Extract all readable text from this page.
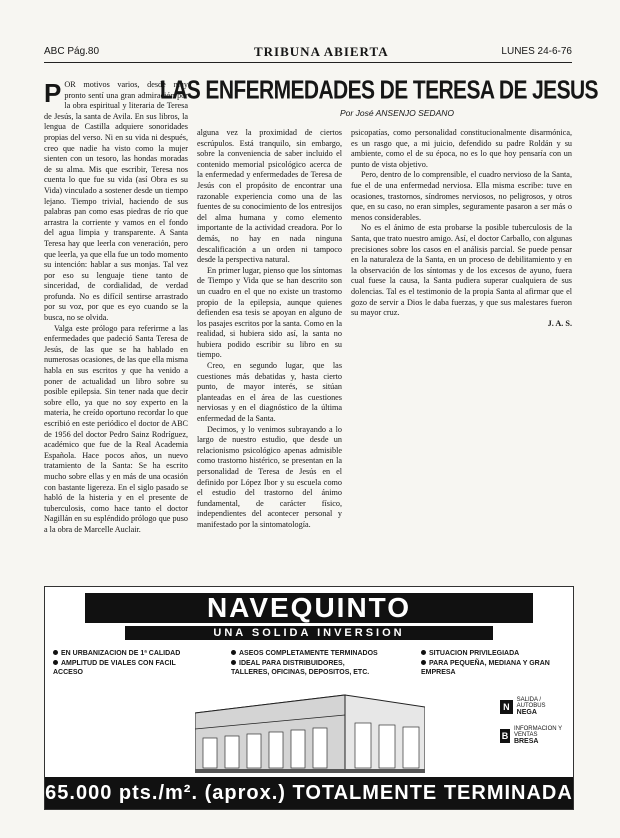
ABC Pág.80	TRIBUNA ABIERTA	LUNES 24-6-76
LAS ENFERMEDADES DE TERESA DE JESUS
Por José ANSENJO SEDANO
P OR motivos varios, desde muy pronto sentí una gran admiración por la obra espiritual y literaria de Teresa de Jesús, la santa de Avila. En sus libros, la lengua de Castilla adquiere sonoridades propias del verso. Ni en su vida ni después, creo que nadie ha visto como la mujer sienten con un tesoro, las hondas moradas de su alma. Mis que escribir, Teresa nos cuenta lo que fue su vida (así Obra es su Vida) vinculado a sostener desde un tiempo lejano. Tiempo trivial, haciendo de sus palabras pan como esas piedras de río que arrastra la corriente y vamos en el fondo del agua limpia y transparente. A Santa Teresa hay que leerla con veneración, pero que leerla, ya que ella fue un todo momento su intención: hablar a sus monjas. Tal vez por eso su lenguaje tiene tanto de sinceridad, de cordialidad, de verdad profunda. No es difícil sentirse arrastrado por su voz, por que es eyo cuando se la busca, no se olvida.

Valga este prólogo para referirme a las enfermedades que padeció Santa Teresa de Jesús, de las que se ha hablado en numerosas ocasiones, de las que ella misma habla en sus escritos y que ha venido a poner de actualidad un libro sobre su posible epilepsia. Sin tener nada que decir sobre ello, ya que no soy experto en la materia, he creído oportuno recordar lo que escribió en este periódico el doctor de ABC de 1956 del doctor Pedro Sainz Rodríguez, académico que fue de la Real Academia Española. Hace pocos años, un nuevo tratamiento de la Santa: Se ha escrito mucho sobre ellas y en más de una ocasión con bastante ligereza. En el siglo pasado se habló de la histeria y en el presente de tuberculosis, como hace tanto el doctor Nagillán en su espléndido prólogo que puso a la obra de Marcelle Auclair.

alguna vez la proximidad de ciertos escrúpulos. Está tranquilo, sin embargo, sobre la conveniencia de saber incluido el contenido memorial psicológico acerca de la enfermedad y enfermedades de Teresa de Jesús con el propósito de encontrar una razonable experiencia como una de las fuentes de su conocimiento de los entresijos del alma humana y como elemento importante de la actividad creadora. Por lo demás, no hay en nada ninguna descalificación a un orden ni tampoco desde la perspectiva natural.

En primer lugar, pienso que los síntomas de Tiempo y Vida que se han descrito son un cuadro en el que no existe un trastorno propio de la epilepsia, aunque quienes defienden esa tesis se apoyan en alguno de los pasajes escritos por la santa. Como en la realidad, si hubiera sido así, la santa no hubiera podido escribir su libro en su tiempo.

Creo, en segundo lugar, que las cuestiones más debatidas y, hasta cierto punto, de mayor interés, se sitúan planteadas en el área de las cuestiones nerviosas y en el diagnóstico de la última enfermedad de la Santa.

Decimos, y lo venimos subrayando a lo largo de nuestro estudio, que desde un relacionismo psicológico apenas admisible como trastorno histérico, se presentan en la personalidad de Teresa de Jesús en el definido por López Ibor y su escuela como el estudio del trastorno del ánimo fundamental, de carácter físico, independientes del acontecer personal y manifestado por la sintomatología.

psicopatías, como personalidad constitucionalmente disarmónica, es un rasgo que, a mi juicio, defendido su padre Roldán y su ambiente, como el de su época, no es lo que hoy pensaría con un punto de vista objetivo.

Pero, dentro de lo comprensible, el cuadro nervioso de la Santa, fue el de una enfermedad nerviosa. Ella misma escribe: tuve en ocasiones, trastornos, síndromes nerviosos, no peligrosos, y otros que, en su caso, no eran simples, seguramente pasaron a ser más o menos considerables.

No es el ánimo de esta probarse la posible tuberculosis de la Santa, que trato nuestro amigo. Así, el doctor Carballo, con algunas precisiones sobre los casos en el análisis parcial. Se puede pensar en la naturaleza de la Santa, en un proceso de debilitamiento y en la observación de los síntomas y de los excesos de ayuno, fuera cual fuese la causa, la Santa pudiera superar cualquiera de sus dolencias. Tal es el testimonio de la propia Santa al afirmar que el gozo de servir a Dios le daba fuerzas, y que sus malestares fueron su mayor cruz.

J. A. S.

NAVEQUINTO
UNA SOLIDA INVERSION
EN URBANIZACION DE 1ª CALIDAD
AMPLITUD DE VIALES CON FACIL ACCESO
ASEOS COMPLETAMENTE TERMINADOS
IDEAL PARA DISTRIBUIDORES, TALLERES, OFICINAS, DEPOSITOS, ETC.
SITUACION PRIVILEGIADA
PARA PEQUEÑA, MEDIANA Y GRAN EMPRESA
N
SALIDA / AUTOBUS
NEGA
B
INFORMACION Y VENTAS
BRESA
65.000 pts./m². (aprox.) TOTALMENTE TERMINADA
